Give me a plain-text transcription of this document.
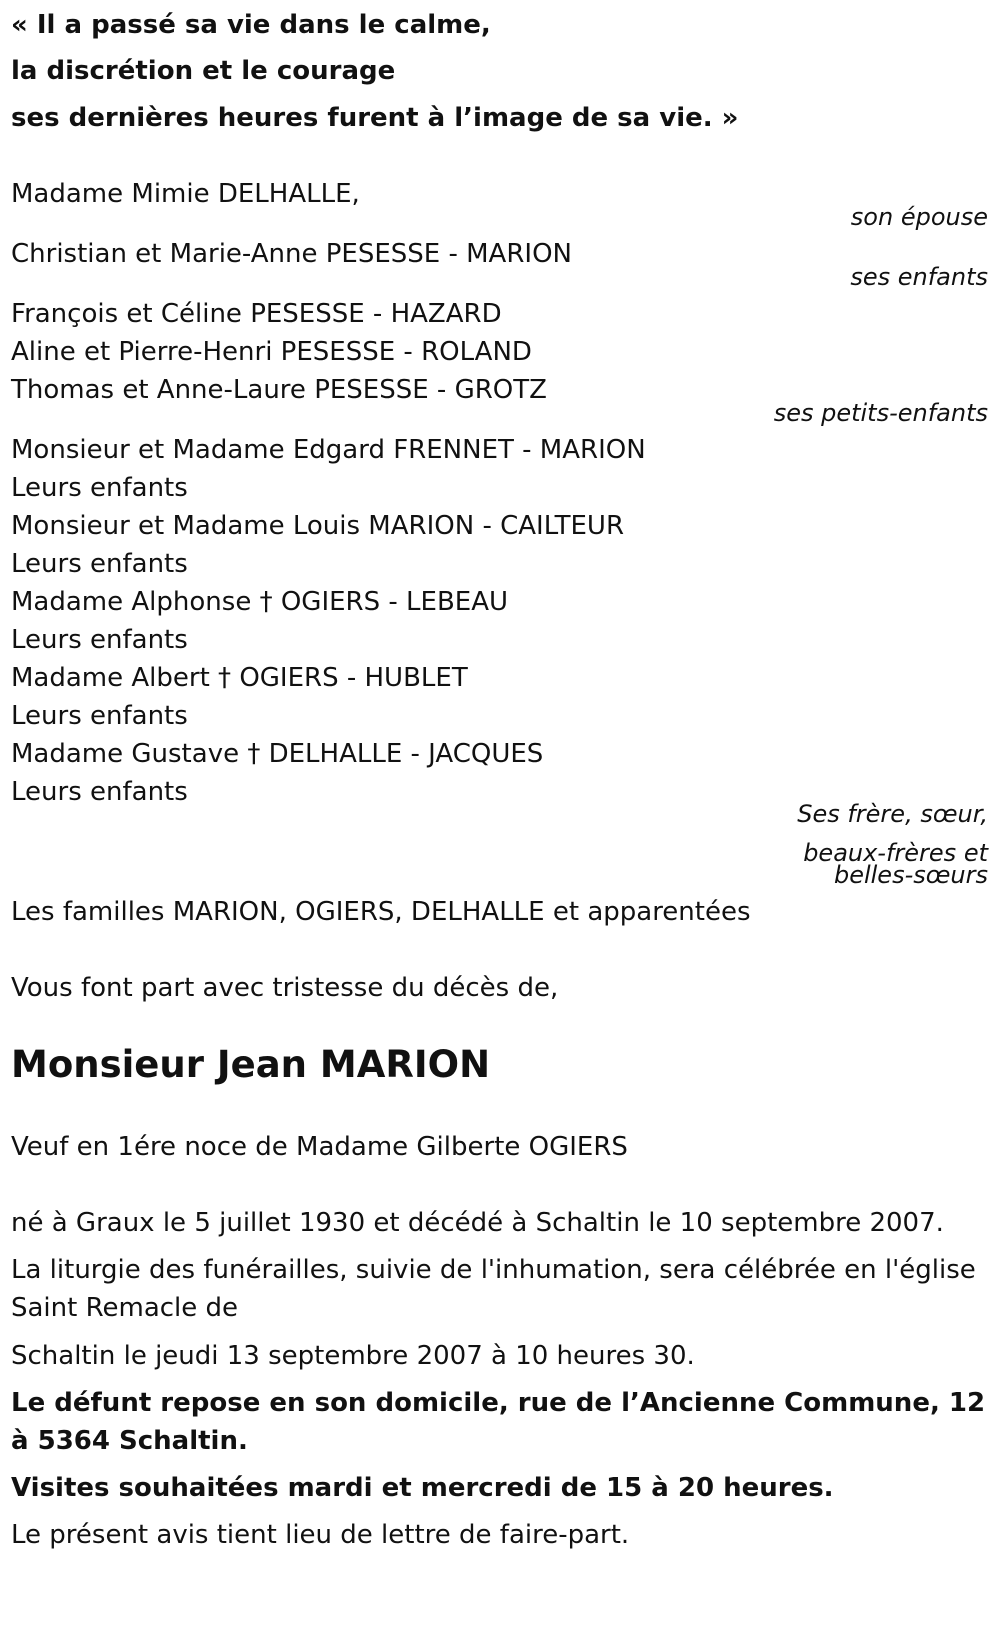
« Il a passé sa vie dans le calme,

la discrétion et le courage

ses dernières heures furent à l’image de sa vie. »

Madame Mimie DELHALLE,

son épouse

Christian et Marie-Anne PESESSE - MARION

ses enfants

François et Céline PESESSE - HAZARD

Aline et Pierre-Henri PESESSE - ROLAND

Thomas et Anne-Laure PESESSE - GROTZ

ses petits-enfants

Monsieur et Madame Edgard FRENNET - MARION

Leurs enfants

Monsieur et Madame Louis MARION - CAILTEUR

Leurs enfants

Madame Alphonse † OGIERS - LEBEAU

Leurs enfants

Madame Albert † OGIERS - HUBLET

Leurs enfants

Madame Gustave † DELHALLE - JACQUES

Leurs enfants

Ses frère, sœur,
beaux-frères et
belles-sœurs

Les familles MARION, OGIERS, DELHALLE et apparentées

Vous font part avec tristesse du décès de,

Monsieur Jean MARION

Veuf en 1ére noce de Madame Gilberte OGIERS

né à Graux le 5 juillet 1930 et décédé à Schaltin le 10 septembre 2007.

La liturgie des funérailles, suivie de l'inhumation, sera célébrée en l'église Saint Remacle de

Schaltin le jeudi 13 septembre 2007 à 10 heures 30.

Le défunt repose en son domicile, rue de l’Ancienne Commune, 12 à 5364 Schaltin.

Visites souhaitées mardi et mercredi de 15 à 20 heures.

Le présent avis tient lieu de lettre de faire-part.
